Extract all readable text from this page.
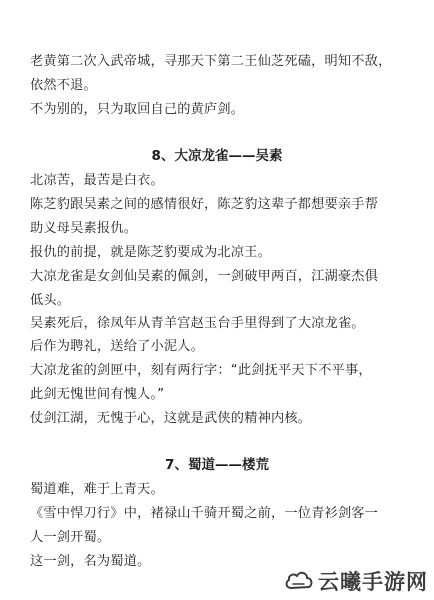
老黄第二次入武帝城，寻那天下第二王仙芝死磕，明知不敌，
依然不退。
不为别的，只为取回自己的黄庐剑。
8、大凉龙雀——吴素
北凉苦，最苦是白衣。
陈芝豹跟吴素之间的感情很好，陈芝豹这辈子都想要亲手帮
助义母吴素报仇。
报仇的前提，就是陈芝豹要成为北凉王。
大凉龙雀是女剑仙吴素的佩剑，一剑破甲两百，江湖豪杰俱
低头。
吴素死后，徐凤年从青羊宫赵玉台手里得到了大凉龙雀。
后作为聘礼，送给了小泥人。
大凉龙雀的剑匣中，刻有两行字：“此剑抚平天下不平事，
此剑无愧世间有愧人。”
仗剑江湖，无愧于心，这就是武侠的精神内核。
7、蜀道——楼荒
蜀道难，难于上青天。
《雪中悍刀行》中，褚禄山千骑开蜀之前，一位青衫剑客一
人一剑开蜀。
这一剑，名为蜀道。
云曦手游网
